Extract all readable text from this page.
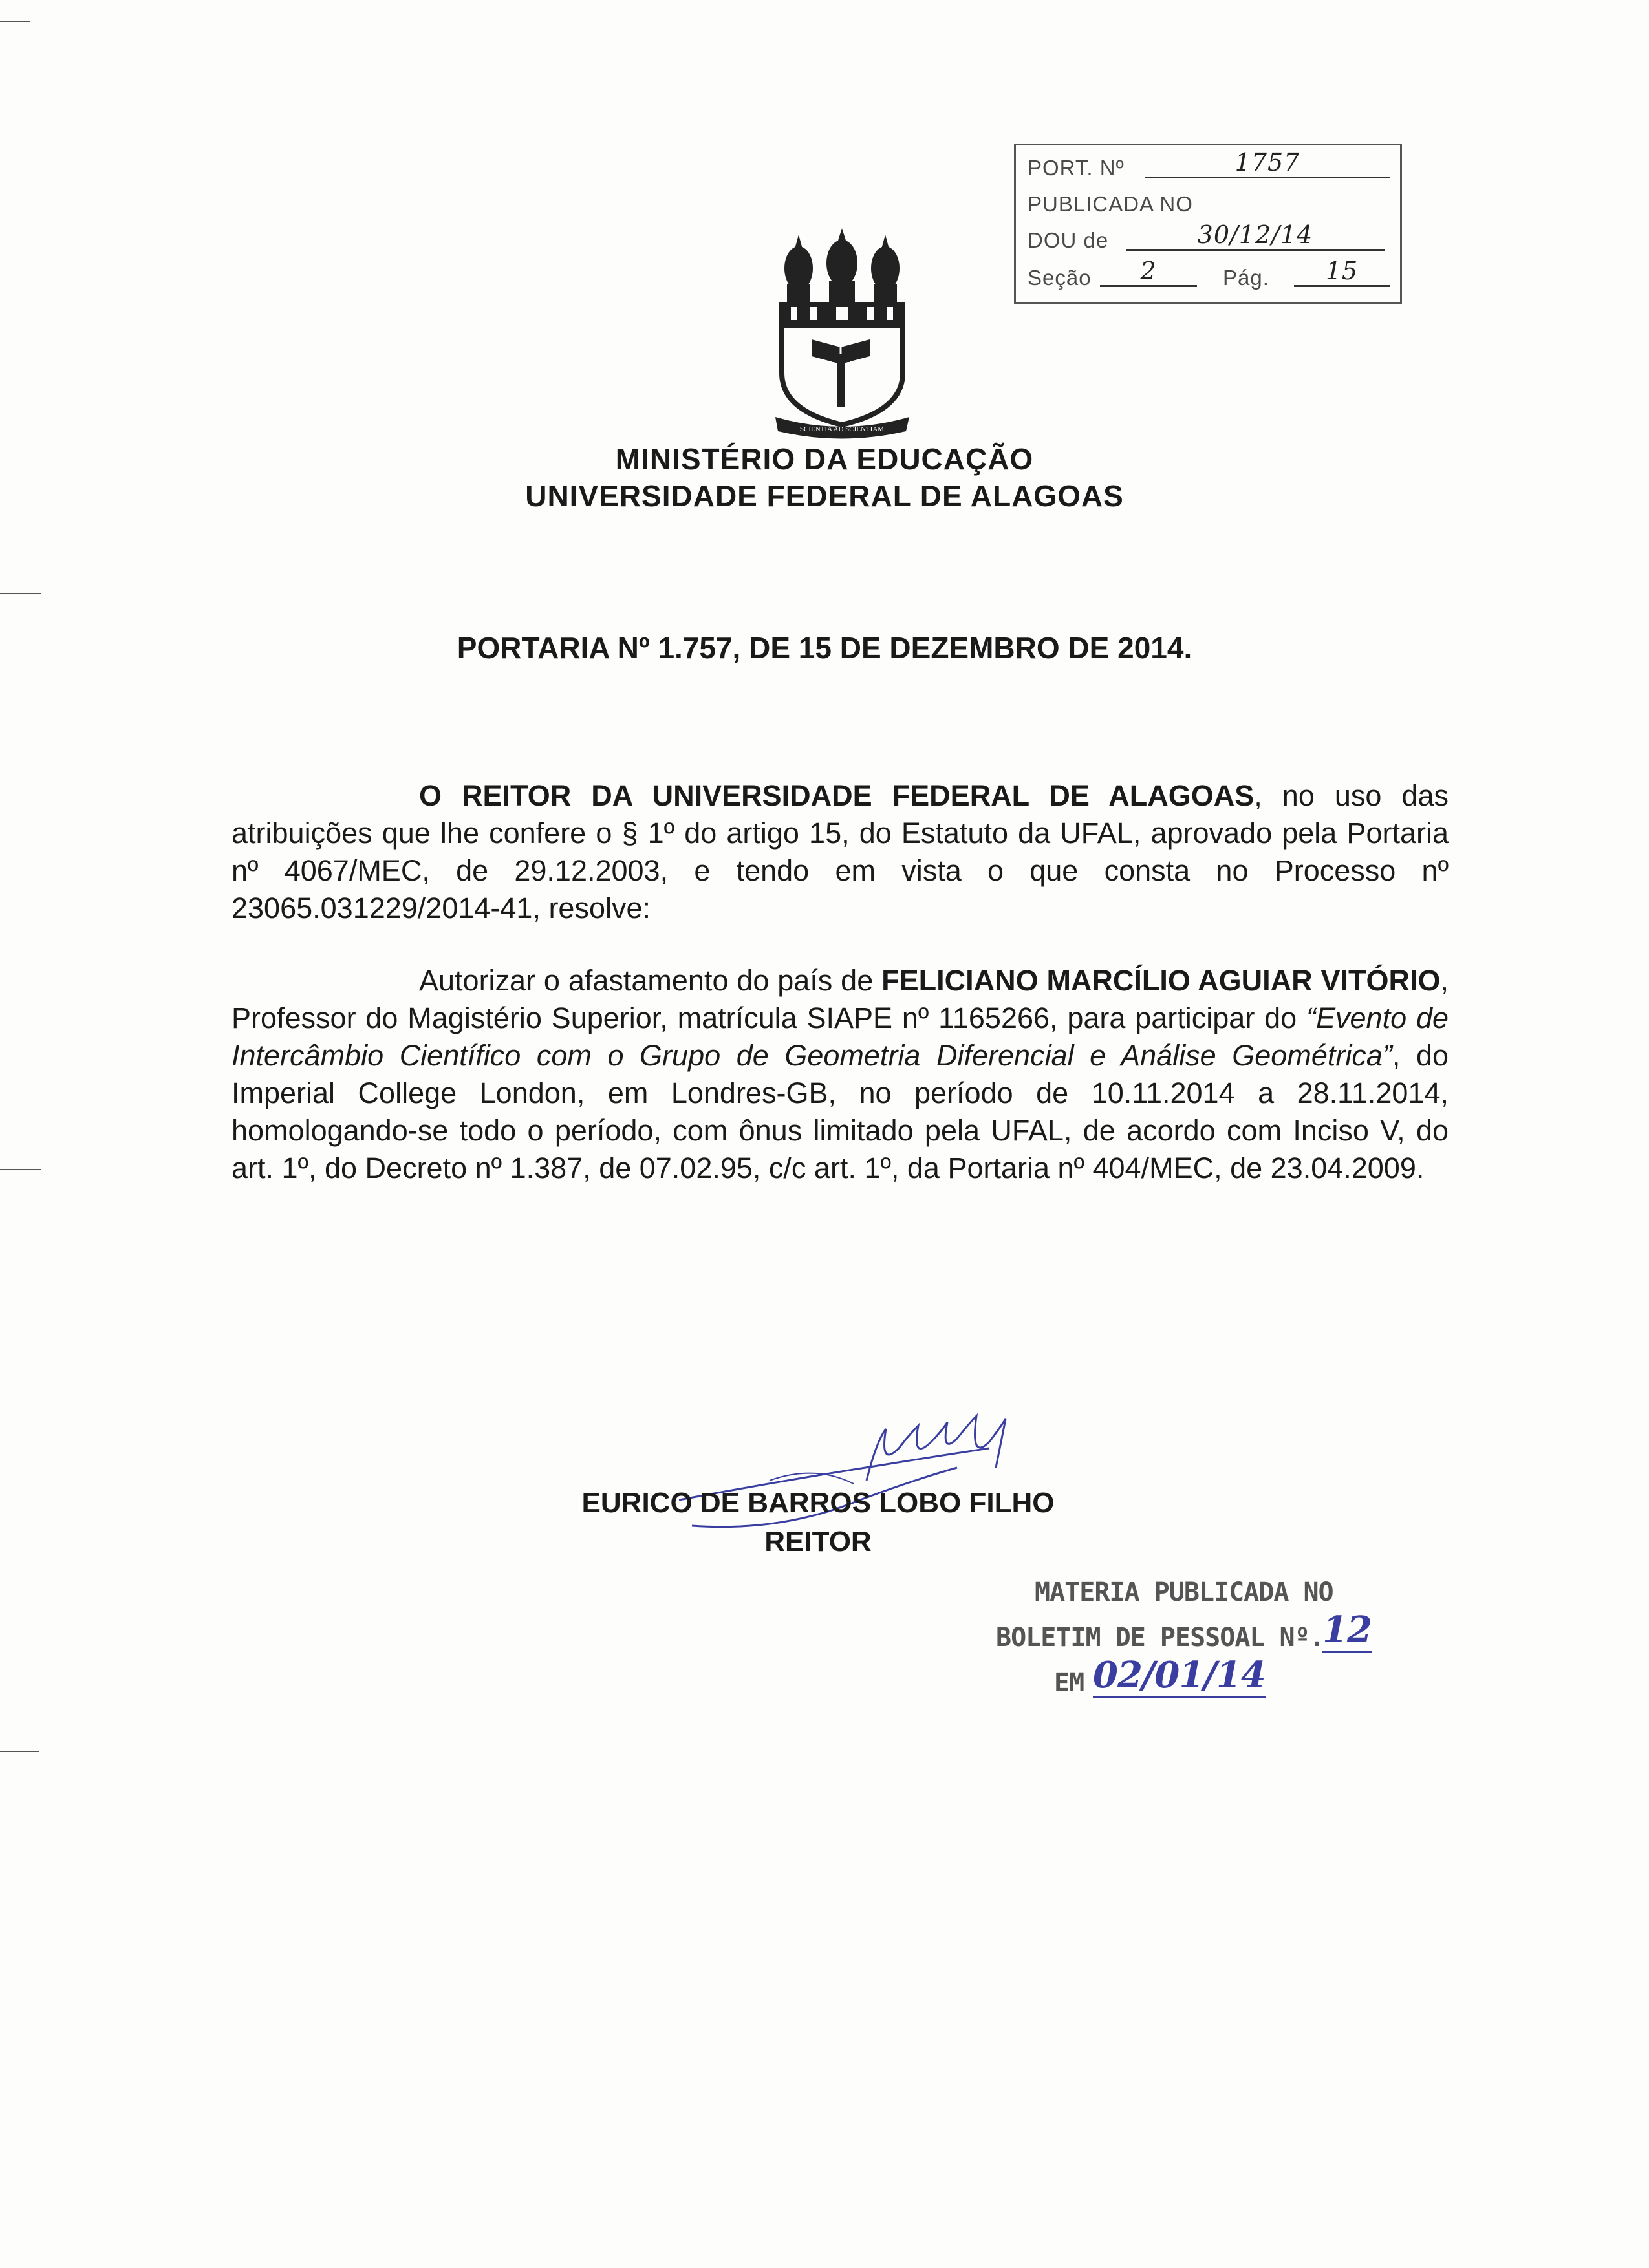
PORT. Nº	1757
PUBLICADA NO
DOU de	30/12/14
Seção	2	Pág.	15
SCIENTIA AD SCIENTIAM
MINISTÉRIO DA EDUCAÇÃO
UNIVERSIDADE FEDERAL DE ALAGOAS
PORTARIA Nº 1.757, DE 15 DE DEZEMBRO DE 2014.
O REITOR DA UNIVERSIDADE FEDERAL DE ALAGOAS, no uso das atribuições que lhe confere o § 1º do artigo 15, do Estatuto da UFAL, aprovado pela Portaria nº 4067/MEC, de 29.12.2003, e tendo em vista o que consta no Processo nº 23065.031229/2014-41, resolve:
Autorizar o afastamento do país de FELICIANO MARCÍLIO AGUIAR VITÓRIO, Professor do Magistério Superior, matrícula SIAPE nº 1165266, para participar do “Evento de Intercâmbio Científico com o Grupo de Geometria Diferencial e Análise Geométrica”, do Imperial College London, em Londres-GB, no período de 10.11.2014 a 28.11.2014, homologando-se todo o período, com ônus limitado pela UFAL, de acordo com Inciso V, do art. 1º, do Decreto nº 1.387, de 07.02.95, c/c art. 1º, da Portaria nº 404/MEC, de 23.04.2009.
EURICO DE BARROS LOBO FILHO
REITOR
MATERIA PUBLICADA NO
BOLETIM DE PESSOAL Nº.
12
EM 02/01/14
